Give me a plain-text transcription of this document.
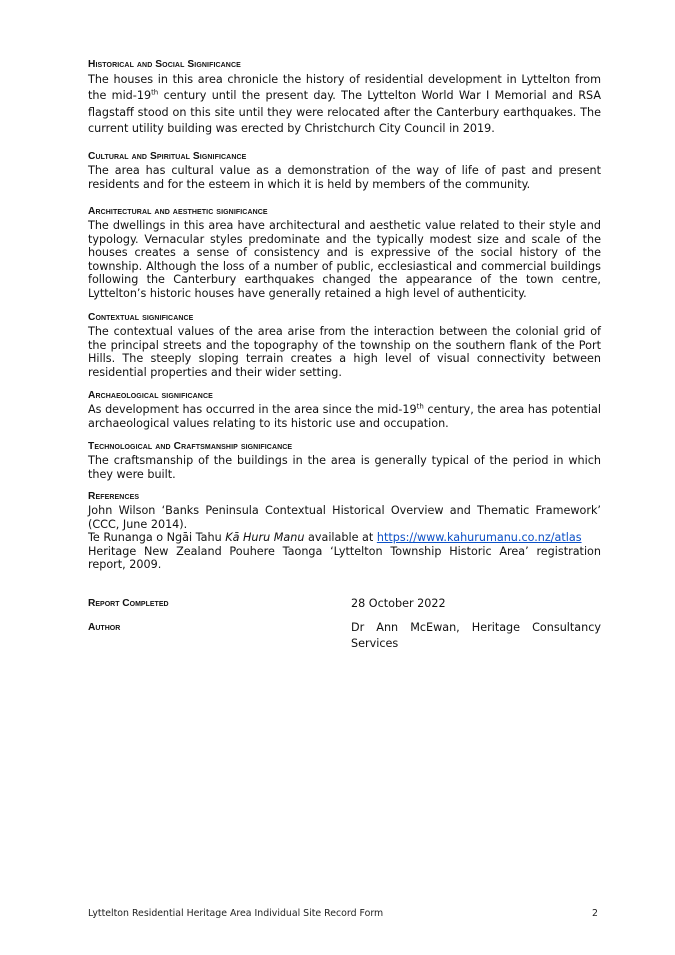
Historical and Social Significance

The houses in this area chronicle the history of residential development in Lyttelton from the mid-19th century until the present day. The Lyttelton World War I Memorial and RSA flagstaff stood on this site until they were relocated after the Canterbury earthquakes. The current utility building was erected by Christchurch City Council in 2019.

Cultural and Spiritual Significance

The area has cultural value as a demonstration of the way of life of past and present residents and for the esteem in which it is held by members of the community.

Architectural and aesthetic significance

The dwellings in this area have architectural and aesthetic value related to their style and typology. Vernacular styles predominate and the typically modest size and scale of the houses creates a sense of consistency and is expressive of the social history of the township. Although the loss of a number of public, ecclesiastical and commercial buildings following the Canterbury earthquakes changed the appearance of the town centre, Lyttelton’s historic houses have generally retained a high level of authenticity.

Contextual significance

The contextual values of the area arise from the interaction between the colonial grid of the principal streets and the topography of the township on the southern flank of the Port Hills. The steeply sloping terrain creates a high level of visual connectivity between residential properties and their wider setting.

Archaeological significance

As development has occurred in the area since the mid-19th century, the area has potential archaeological values relating to its historic use and occupation.

Technological and Craftsmanship significance

The craftsmanship of the buildings in the area is generally typical of the period in which they were built.

References

John Wilson ‘Banks Peninsula Contextual Historical Overview and Thematic Framework’ (CCC, June 2014).

Te Runanga o Ngāi Tahu Kā Huru Manu available at https://www.kahurumanu.co.nz/atlas

Heritage New Zealand Pouhere Taonga ‘Lyttelton Township Historic Area’ registration report, 2009.

Report Completed	28 October 2022
Author	Dr Ann McEwan, Heritage Consultancy Services
Lyttelton Residential Heritage Area Individual Site Record Form	2
